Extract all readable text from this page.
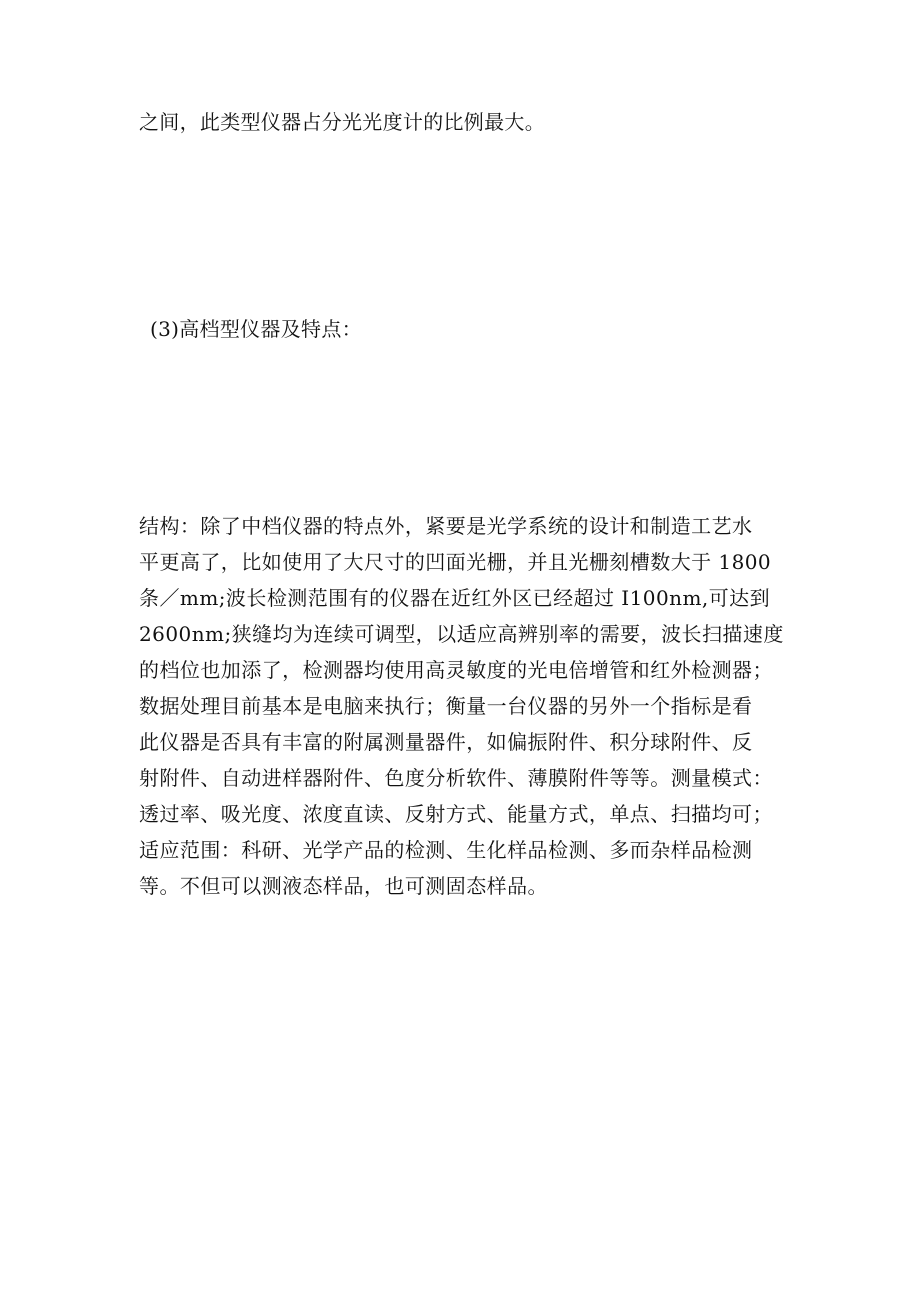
之间，此类型仪器占分光光度计的比例最大。
(3)高档型仪器及特点：
结构：除了中档仪器的特点外，紧要是光学系统的设计和制造工艺水
平更高了，比如使用了大尺寸的凹面光栅，并且光栅刻槽数大于 1800
条／mm;波长检测范围有的仪器在近红外区已经超过 I100nm,可达到
2600nm;狭缝均为连续可调型，以适应高辨别率的需要，波长扫描速度
的档位也加添了，检测器均使用高灵敏度的光电倍增管和红外检测器；
数据处理目前基本是电脑来执行；衡量一台仪器的另外一个指标是看
此仪器是否具有丰富的附属测量器件，如偏振附件、积分球附件、反
射附件、自动进样器附件、色度分析软件、薄膜附件等等。测量模式：
透过率、吸光度、浓度直读、反射方式、能量方式，单点、扫描均可；
适应范围：科研、光学产品的检测、生化样品检测、多而杂样品检测
等。不但可以测液态样品，也可测固态样品。
